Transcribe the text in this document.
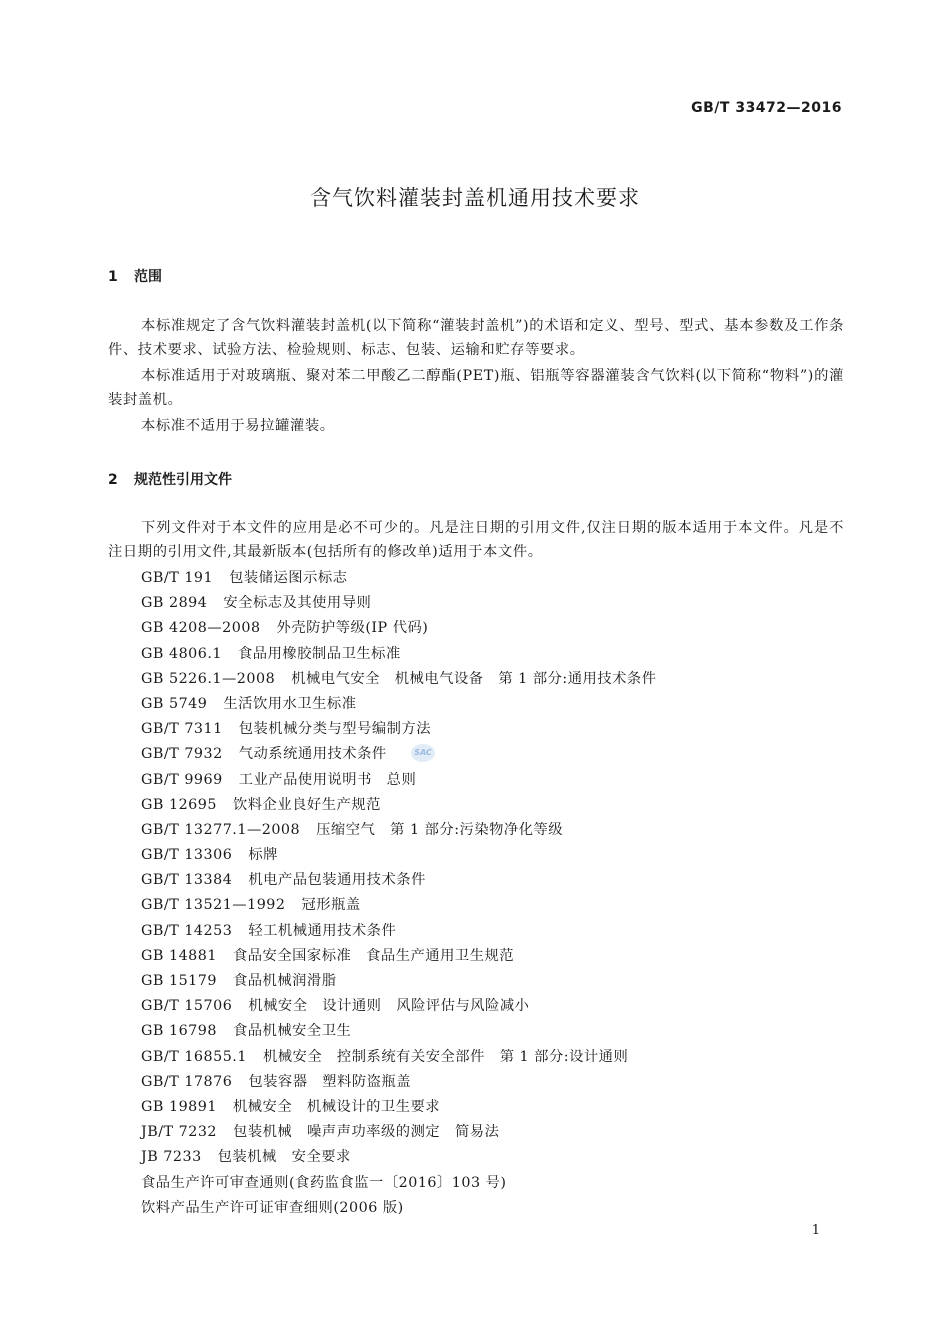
GB/T 33472—2016
含气饮料灌装封盖机通用技术要求
1 范围
本标准规定了含气饮料灌装封盖机(以下简称“灌装封盖机”)的术语和定义、型号、型式、基本参数及工作条件、技术要求、试验方法、检验规则、标志、包装、运输和贮存等要求。
本标准适用于对玻璃瓶、聚对苯二甲酸乙二醇酯(PET)瓶、铝瓶等容器灌装含气饮料(以下简称“物料”)的灌装封盖机。
本标准不适用于易拉罐灌装。
2 规范性引用文件
下列文件对于本文件的应用是必不可少的。凡是注日期的引用文件,仅注日期的版本适用于本文件。凡是不注日期的引用文件,其最新版本(包括所有的修改单)适用于本文件。
GB/T 191 包装储运图示标志
GB 2894 安全标志及其使用导则
GB 4208—2008 外壳防护等级(IP 代码)
GB 4806.1 食品用橡胶制品卫生标准
GB 5226.1—2008 机械电气安全　机械电气设备　第 1 部分:通用技术条件
GB 5749 生活饮用水卫生标准
GB/T 7311 包装机械分类与型号编制方法
GB/T 7932 气动系统通用技术条件
GB/T 9969 工业产品使用说明书　总则
GB 12695 饮料企业良好生产规范
GB/T 13277.1—2008 压缩空气　第 1 部分:污染物净化等级
GB/T 13306 标牌
GB/T 13384 机电产品包装通用技术条件
GB/T 13521—1992 冠形瓶盖
GB/T 14253 轻工机械通用技术条件
GB 14881 食品安全国家标准　食品生产通用卫生规范
GB 15179 食品机械润滑脂
GB/T 15706 机械安全　设计通则　风险评估与风险减小
GB 16798 食品机械安全卫生
GB/T 16855.1 机械安全　控制系统有关安全部件　第 1 部分:设计通则
GB/T 17876 包装容器　塑料防盗瓶盖
GB 19891 机械安全　机械设计的卫生要求
JB/T 7232 包装机械　噪声声功率级的测定　简易法
JB 7233 包装机械　安全要求
食品生产许可审查通则(食药监食监一〔2016〕103 号)
饮料产品生产许可证审查细则(2006 版)
SAC
1
